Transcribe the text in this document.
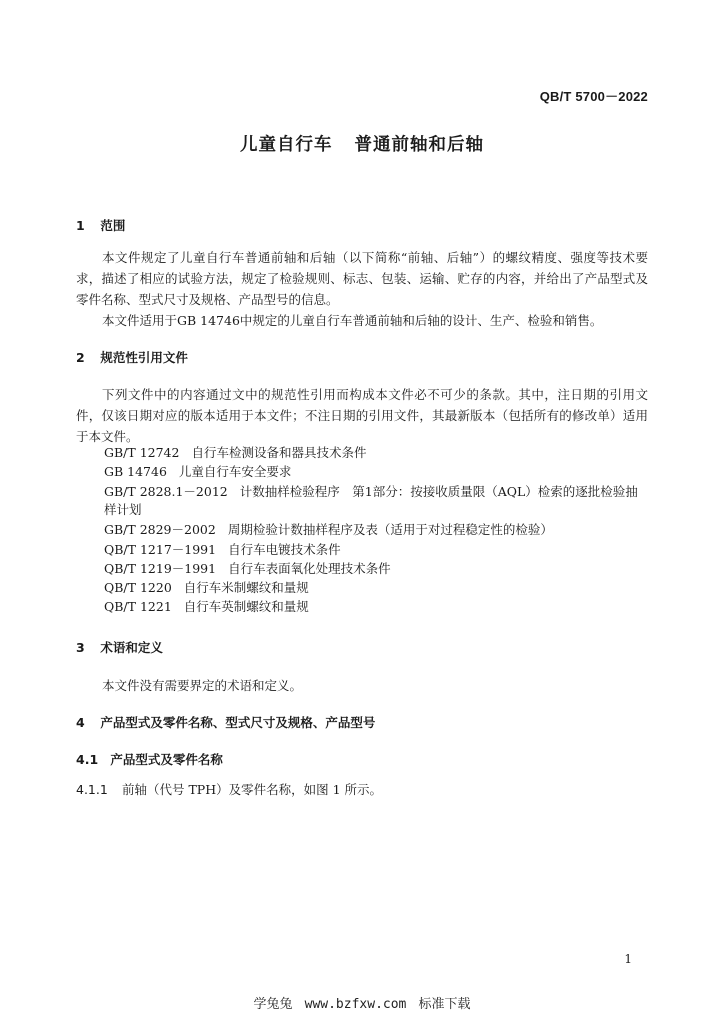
QB/T 5700－2022
儿童自行车 普通前轴和后轴
1 范围
本文件规定了儿童自行车普通前轴和后轴（以下简称“前轴、后轴”）的螺纹精度、强度等技术要求，描述了相应的试验方法，规定了检验规则、标志、包装、运输、贮存的内容，并给出了产品型式及零件名称、型式尺寸及规格、产品型号的信息。
本文件适用于GB 14746中规定的儿童自行车普通前轴和后轴的设计、生产、检验和销售。
2 规范性引用文件
下列文件中的内容通过文中的规范性引用而构成本文件必不可少的条款。其中，注日期的引用文件，仅该日期对应的版本适用于本文件；不注日期的引用文件，其最新版本（包括所有的修改单）适用于本文件。
GB/T 12742 自行车检测设备和器具技术条件
GB 14746 儿童自行车安全要求
GB/T 2828.1－2012 计数抽样检验程序　第1部分：按接收质量限（AQL）检索的逐批检验抽样计划
GB/T 2829－2002 周期检验计数抽样程序及表（适用于对过程稳定性的检验）
QB/T 1217－1991 自行车电镀技术条件
QB/T 1219－1991 自行车表面氧化处理技术条件
QB/T 1220 自行车米制螺纹和量规
QB/T 1221 自行车英制螺纹和量规
3 术语和定义
本文件没有需要界定的术语和定义。
4 产品型式及零件名称、型式尺寸及规格、产品型号
4.1 产品型式及零件名称
4.1.1 前轴（代号 TPH）及零件名称，如图 1 所示。
1
学兔兔 www.bzfxw.com 标准下载
